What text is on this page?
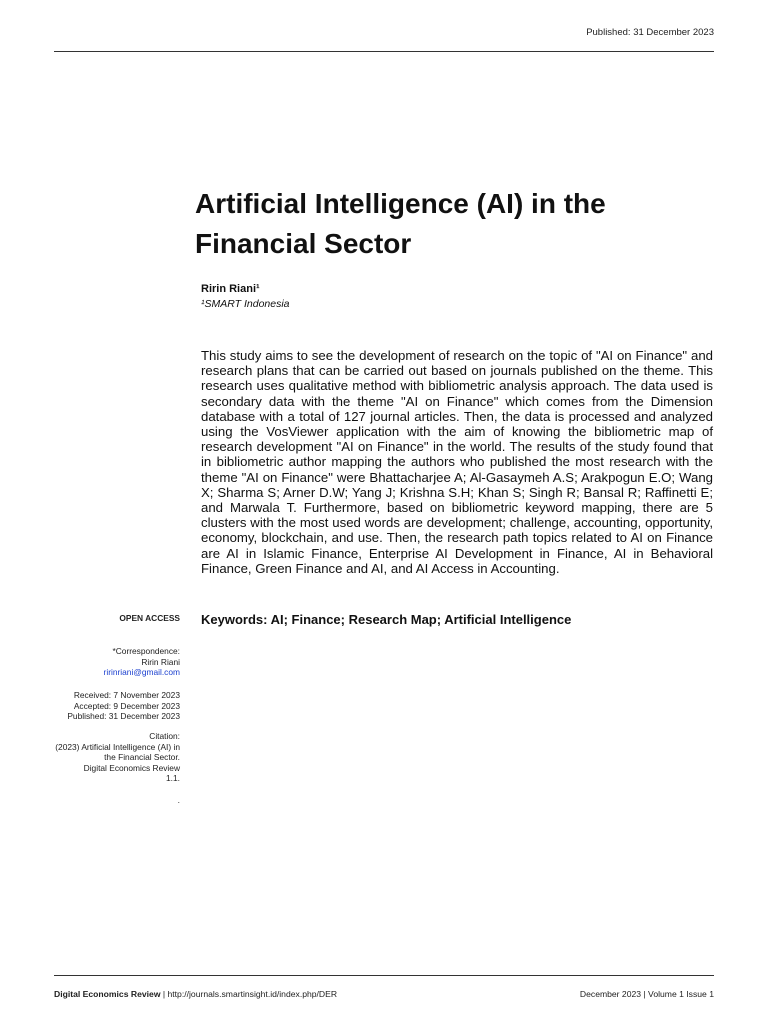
Published: 31 December 2023
Artificial Intelligence (AI) in the
Financial Sector
Ririn Riani¹
¹SMART Indonesia

This study aims to see the development of research on the topic of "AI on Finance" and research plans that can be carried out based on journals published on the theme. This research uses qualitative method with bibliometric analysis approach. The data used is secondary data with the theme "AI on Finance" which comes from the Dimension database with a total of 127 journal articles. Then, the data is processed and analyzed using the VosViewer application with the aim of knowing the bibliometric map of research development "AI on Finance" in the world. The results of the study found that in bibliometric author mapping the authors who published the most research with the theme "AI on Finance" were Bhattacharjee A; Al-Gasaymeh A.S; Arakpogun E.O; Wang X; Sharma S; Arner D.W; Yang J; Krishna S.H; Khan S; Singh R; Bansal R; Raffinetti E; and Marwala T. Furthermore, based on bibliometric keyword mapping, there are 5 clusters with the most used words are development; challenge, accounting, opportunity, economy, blockchain, and use. Then, the research path topics related to AI on Finance are AI in Islamic Finance, Enterprise AI Development in Finance, AI in Behavioral Finance, Green Finance and AI, and AI Access in Accounting.

Keywords: AI; Finance; Research Map; Artificial Intelligence
OPEN ACCESS
*Correspondence:
Ririn Riani
ririnriani@gmail.com
Received: 7 November 2023
Accepted: 9 December 2023
Published: 31 December 2023
Citation:
(2023) Artificial Intelligence (AI) in
the Financial Sector.
Digital Economics Review
1.1.
.
Digital Economics Review | http://journals.smartinsight.id/index.php/DER	December 2023 | Volume 1 Issue 1
